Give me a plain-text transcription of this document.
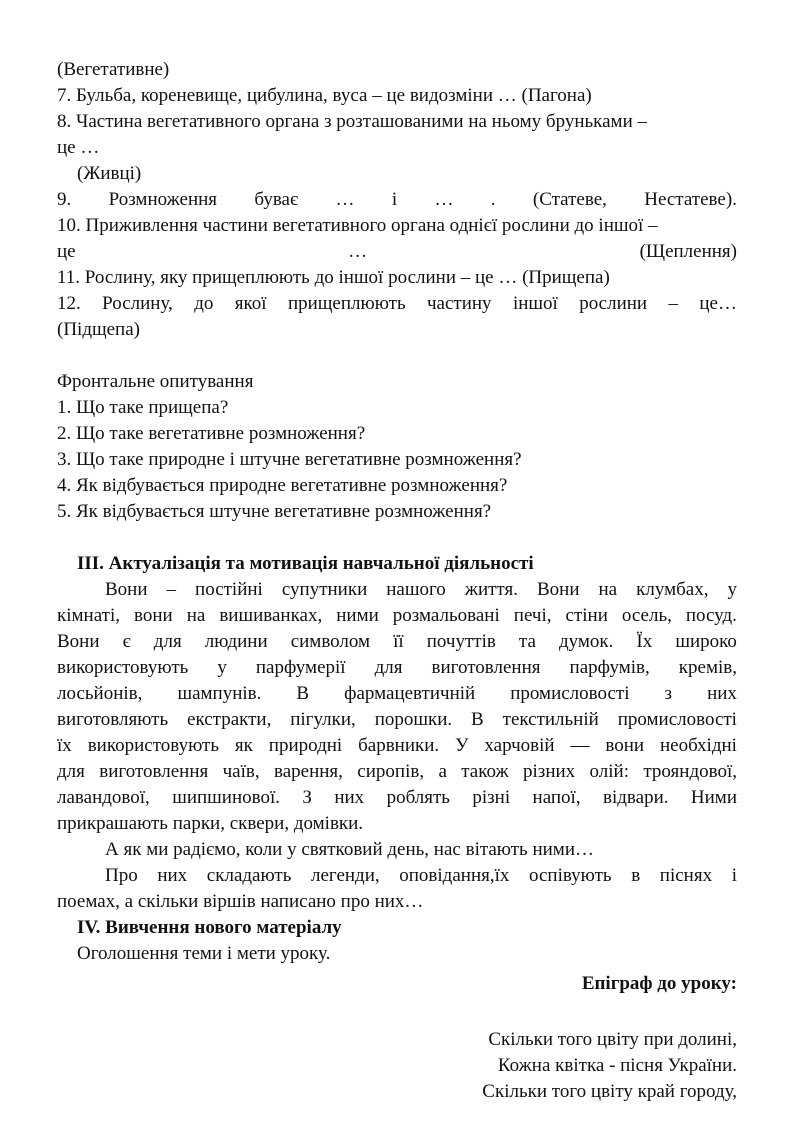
(Вегетативне)
7. Бульба, кореневище, цибулина, вуса – це видозміни … (Пагона)
8. Частина вегетативного органа з розташованими на ньому бруньками –
це …
(Живці)
9. Розмноження буває … і … . (Статеве, Нестатеве).
10. Приживлення частини вегетативного органа однієї рослини до іншої –
це	…	(Щеплення)
11. Рослину, яку прищеплюють до іншої рослини – це … (Прищепа)
12. Рослину, до якої прищеплюють частину іншої рослини – це…
(Підщепа)
Фронтальне опитування
1. Що таке прищепа?
2. Що таке вегетативне розмноження?
3. Що таке природне і штучне вегетативне розмноження?
4. Як відбувається природне вегетативне розмноження?
5. Як відбувається штучне вегетативне розмноження?
ІІІ. Актуалізація та мотивація навчальної діяльності
Вони – постійні супутники нашого життя. Вони на клумбах, у
кімнаті, вони на вишиванках, ними розмальовані печі, стіни осель, посуд.
Вони є для людини символом її почуттів та думок. Їх широко
використовують у парфумерії для виготовлення парфумів, кремів,
лосьйонів, шампунів. В фармацевтичній промисловості з них
виготовляють екстракти, пігулки, порошки. В текстильній промисловості
їх використовують як природні барвники. У харчовій — вони необхідні
для виготовлення чаїв, варення, сиропів, а також різних олій: трояндової,
лавандової, шипшинової. З них роблять різні напої, відвари. Ними
прикрашають парки, сквери, домівки.
А як ми радіємо, коли у святковий день, нас вітають ними…
Про них складають легенди, оповідання,їх оспівують в піснях і
поемах, а скільки віршів написано про них…
IV. Вивчення нового матеріалу
Оголошення теми і мети уроку.
Епіграф до уроку:
Скільки того цвіту при долині,
Кожна квітка - пісня України.
Скільки того цвіту край городу,
